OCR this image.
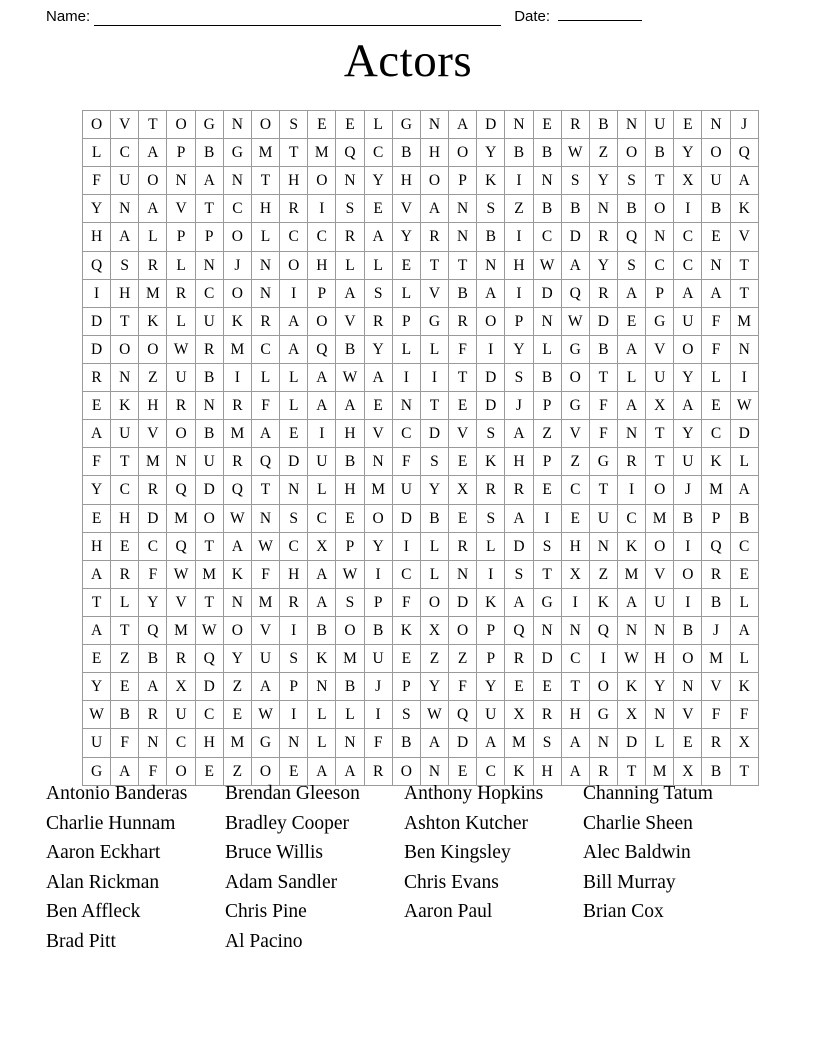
Name:	Date:
Actors
O	V	T	O	G	N	O	S	E	E	L	G	N	A	D	N	E	R	B	N	U	E	N	J
L	C	A	P	B	G	M	T	M	Q	C	B	H	O	Y	B	B	W	Z	O	B	Y	O	Q
F	U	O	N	A	N	T	H	O	N	Y	H	O	P	K	I	N	S	Y	S	T	X	U	A
Y	N	A	V	T	C	H	R	I	S	E	V	A	N	S	Z	B	B	N	B	O	I	B	K
H	A	L	P	P	O	L	C	C	R	A	Y	R	N	B	I	C	D	R	Q	N	C	E	V
Q	S	R	L	N	J	N	O	H	L	L	E	T	T	N	H	W	A	Y	S	C	C	N	T
I	H	M	R	C	O	N	I	P	A	S	L	V	B	A	I	D	Q	R	A	P	A	A	T
D	T	K	L	U	K	R	A	O	V	R	P	G	R	O	P	N	W	D	E	G	U	F	M
D	O	O	W	R	M	C	A	Q	B	Y	L	L	F	I	Y	L	G	B	A	V	O	F	N
R	N	Z	U	B	I	L	L	A	W	A	I	I	T	D	S	B	O	T	L	U	Y	L	I
E	K	H	R	N	R	F	L	A	A	E	N	T	E	D	J	P	G	F	A	X	A	E	W
A	U	V	O	B	M	A	E	I	H	V	C	D	V	S	A	Z	V	F	N	T	Y	C	D
F	T	M	N	U	R	Q	D	U	B	N	F	S	E	K	H	P	Z	G	R	T	U	K	L
Y	C	R	Q	D	Q	T	N	L	H	M	U	Y	X	R	R	E	C	T	I	O	J	M	A
E	H	D	M	O	W	N	S	C	E	O	D	B	E	S	A	I	E	U	C	M	B	P	B
H	E	C	Q	T	A	W	C	X	P	Y	I	L	R	L	D	S	H	N	K	O	I	Q	C
A	R	F	W	M	K	F	H	A	W	I	C	L	N	I	S	T	X	Z	M	V	O	R	E
T	L	Y	V	T	N	M	R	A	S	P	F	O	D	K	A	G	I	K	A	U	I	B	L
A	T	Q	M	W	O	V	I	B	O	B	K	X	O	P	Q	N	N	Q	N	N	B	J	A
E	Z	B	R	Q	Y	U	S	K	M	U	E	Z	Z	P	R	D	C	I	W	H	O	M	L
Y	E	A	X	D	Z	A	P	N	B	J	P	Y	F	Y	E	E	T	O	K	Y	N	V	K
W	B	R	U	C	E	W	I	L	L	I	S	W	Q	U	X	R	H	G	X	N	V	F	F
U	F	N	C	H	M	G	N	L	N	F	B	A	D	A	M	S	A	N	D	L	E	R	X
G	A	F	O	E	Z	O	E	A	A	R	O	N	E	C	K	H	A	R	T	M	X	B	T
Antonio Banderas
Charlie Hunnam
Aaron Eckhart
Alan Rickman
Ben Affleck
Brad Pitt
Brendan Gleeson
Bradley Cooper
Bruce Willis
Adam Sandler
Chris Pine
Al Pacino
Anthony Hopkins
Ashton Kutcher
Ben Kingsley
Chris Evans
Aaron Paul
Channing Tatum
Charlie Sheen
Alec Baldwin
Bill Murray
Brian Cox
